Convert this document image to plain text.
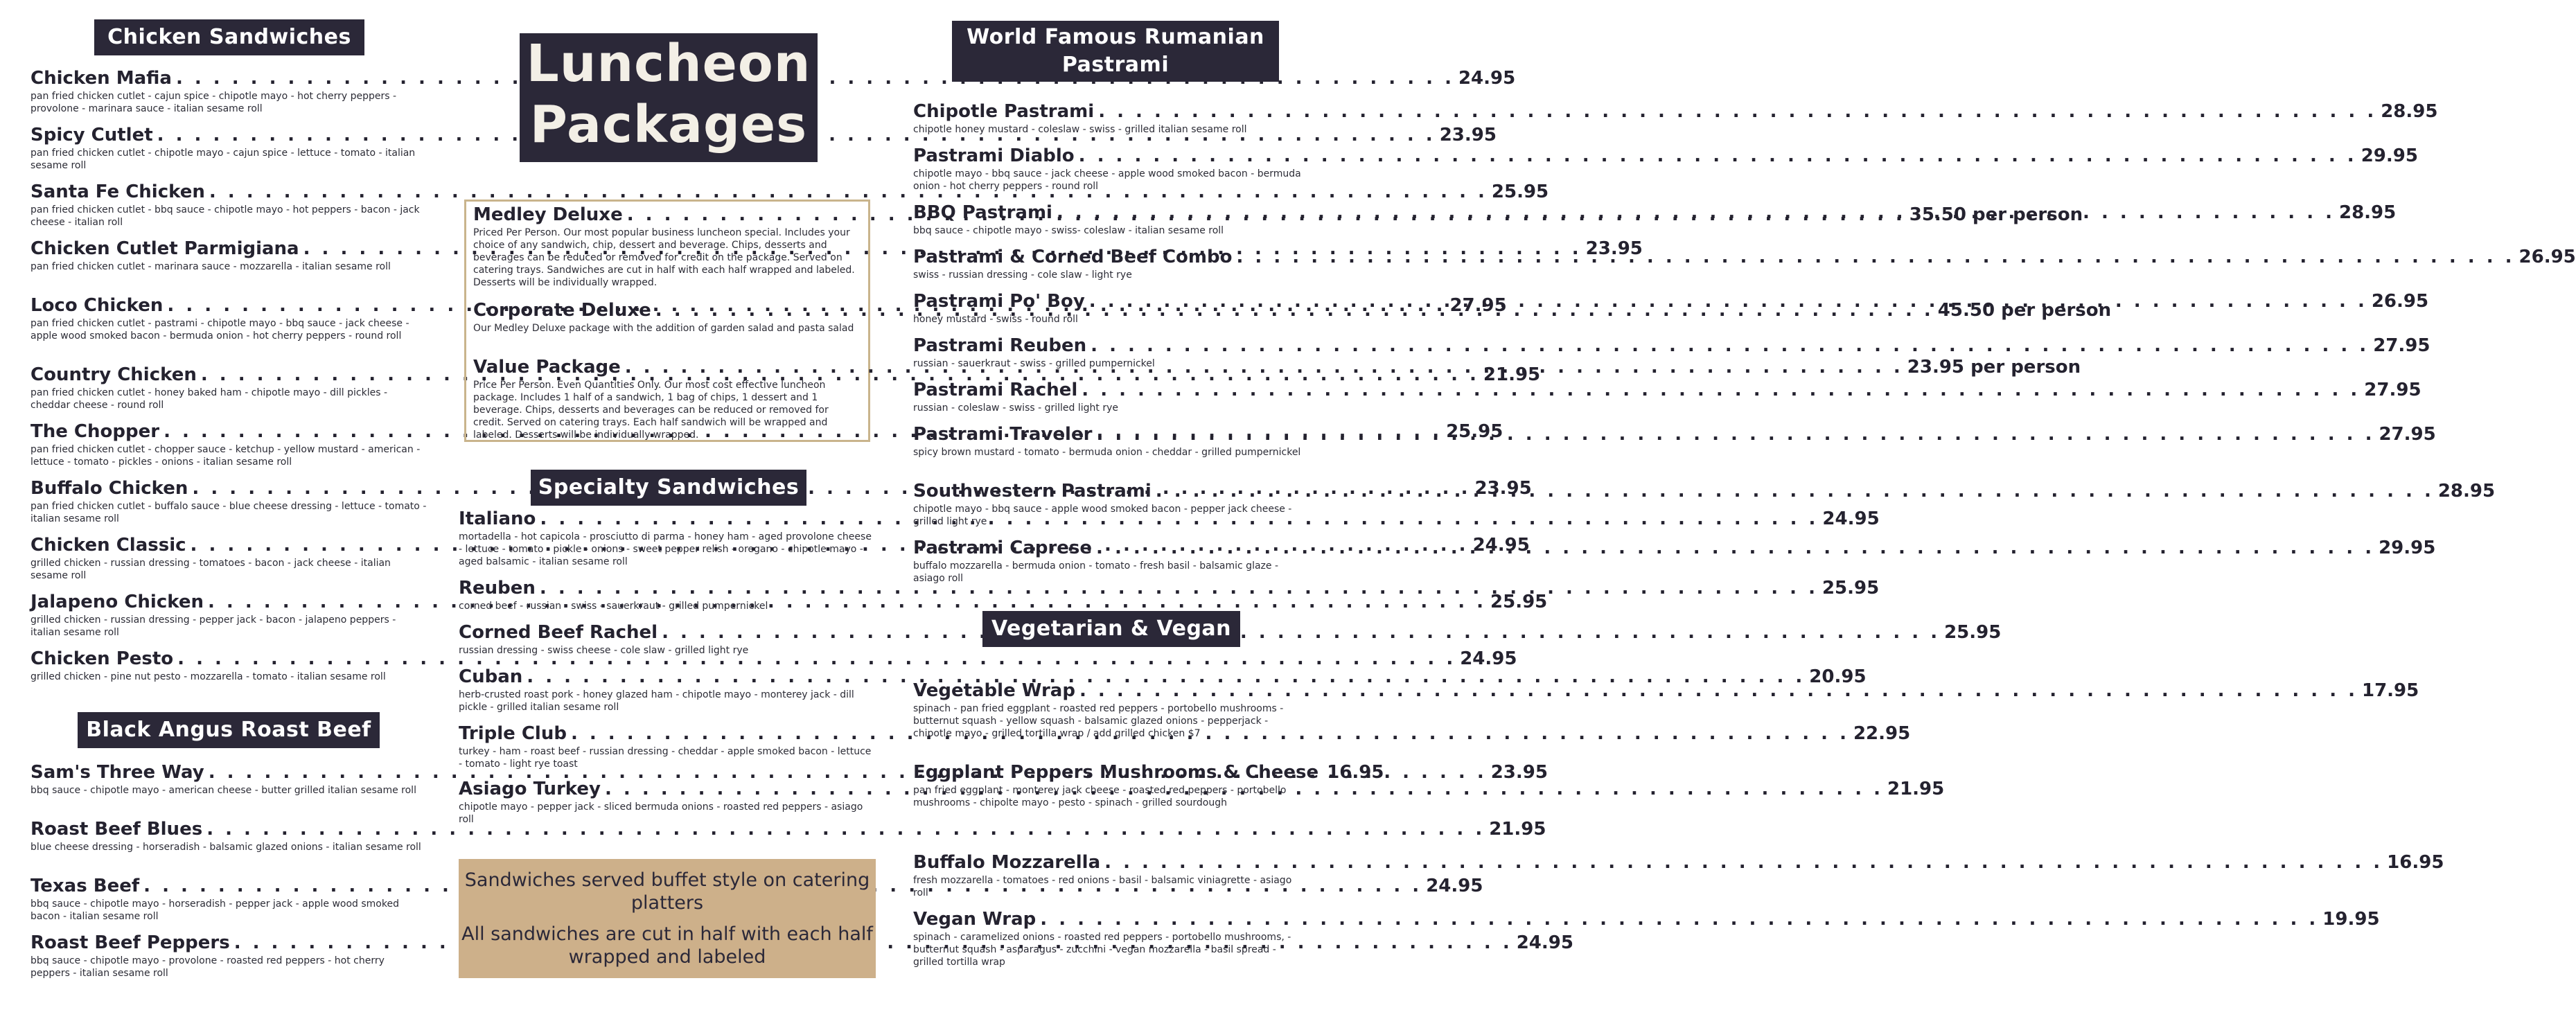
Chicken Sandwiches
Chicken Mafia . . .	24.95
pan fried chicken cutlet - cajun spice - chipotle mayo - hot cherry peppers - provolone - marinara sauce - italian sesame roll
Spicy Cutlet . . .	23.95
pan fried chicken cutlet - chipotle mayo - cajun spice - lettuce - tomato - italian sesame roll
Santa Fe Chicken . . .	25.95
pan fried chicken cutlet - bbq sauce - chipotle mayo - hot peppers - bacon - jack cheese - italian roll
Chicken Cutlet Parmigiana . . .	23.95
pan fried chicken cutlet - marinara sauce - mozzarella - italian sesame roll
Loco Chicken . . .	27.95
pan fried chicken cutlet - pastrami - chipotle mayo - bbq sauce - jack cheese - apple wood smoked bacon - bermuda onion - hot cherry peppers - round roll
Country Chicken . . .	21.95
pan fried chicken cutlet - honey baked ham - chipotle mayo - dill pickles - cheddar cheese - round roll
The Chopper . . .	25.95
pan fried chicken cutlet - chopper sauce - ketchup - yellow mustard - american - lettuce - tomato - pickles - onions - italian sesame roll
Buffalo Chicken . . .	23.95
pan fried chicken cutlet - buffalo sauce - blue cheese dressing - lettuce - tomato - italian sesame roll
Chicken Classic . . .	24.95
grilled chicken - russian dressing - tomatoes - bacon - jack cheese - italian sesame roll
Jalapeno Chicken . . .	25.95
grilled chicken - russian dressing - pepper jack - bacon - jalapeno peppers - italian sesame roll
Chicken Pesto . . .	24.95
grilled chicken - pine nut pesto - mozzarella - tomato - italian sesame roll
Black Angus Roast Beef
Sam's Three Way . . .	23.95
bbq sauce - chipotle mayo - american cheese - butter grilled italian sesame roll
Roast Beef Blues . . .	21.95
blue cheese dressing - horseradish - balsamic glazed onions - italian sesame roll
Texas Beef . . .	24.95
bbq sauce - chipotle mayo - horseradish - pepper jack - apple wood smoked bacon - italian sesame roll
Roast Beef Peppers . . .	24.95
bbq sauce - chipotle mayo - provolone - roasted red peppers - hot cherry peppers - italian sesame roll
Luncheon
Packages
Medley Deluxe . . .	35.50 per person
Priced Per Person. Our most popular business luncheon special. Includes your choice of any sandwich, chip, dessert and beverage. Chips, desserts and beverages can be reduced or removed for credit on the package. Served on catering trays. Sandwiches are cut in half with each half wrapped and labeled. Desserts will be individually wrapped.
Corporate Deluxe . . .	45.50 per person
Our Medley Deluxe package with the addition of garden salad and pasta salad
Value Package . . .	23.95 per person
Price Per Person. Even Quantities Only. Our most cost effective luncheon package. Includes 1 half of a sandwich, 1 bag of chips, 1 dessert and 1 beverage. Chips, desserts and beverages can be reduced or removed for credit. Served on catering trays. Each half sandwich will be wrapped and labeled. Desserts will be individually wrapped.
Specialty Sandwiches
Italiano . . .	24.95
mortadella - hot capicola - prosciutto di parma - honey ham - aged provolone cheese - lettuce - tomato - pickle - onions - sweet pepper relish - oregano - chipotle mayo - aged balsamic - italian sesame roll
Reuben . . .	25.95
corned beef - russian - swiss - sauerkraut - grilled pumpernickel
Corned Beef Rachel . . .	25.95
russian dressing - swiss cheese - cole slaw - grilled light rye
Cuban . . .	20.95
herb-crusted roast pork - honey glazed ham - chipotle mayo - monterey jack - dill pickle - grilled italian sesame roll
Triple Club . . .	22.95
turkey - ham - roast beef - russian dressing - cheddar - apple smoked bacon - lettuce - tomato - light rye toast
Asiago Turkey . . .	21.95
chipotle mayo - pepper jack - sliced bermuda onions - roasted red peppers - asiago roll
Sandwiches served buffet style on catering platters
All sandwiches are cut in half with each half wrapped and labeled
World Famous Rumanian
Pastrami
Chipotle Pastrami . . .	28.95
chipotle honey mustard - coleslaw - swiss - grilled italian sesame roll
Pastrami Diablo . . .	29.95
chipotle mayo - bbq sauce - jack cheese - apple wood smoked bacon - bermuda onion - hot cherry peppers - round roll
BBQ Pastrami . . .	28.95
bbq sauce - chipotle mayo - swiss- coleslaw - italian sesame roll
Pastrami & Corned Beef Combo . . .	26.95
swiss - russian dressing - cole slaw - light rye
Pastrami Po' Boy . . .	26.95
honey mustard - swiss - round roll
Pastrami Reuben . . .	27.95
russian - sauerkraut - swiss - grilled pumpernickel
Pastrami Rachel . . .	27.95
russian - coleslaw - swiss - grilled light rye
Pastrami Traveler . . .	27.95
spicy brown mustard - tomato - bermuda onion - cheddar - grilled pumpernickel
Southwestern Pastrami . . .	28.95
chipotle mayo - bbq sauce - apple wood smoked bacon - pepper jack cheese - grilled light rye
Pastrami Caprese . . .	29.95
buffalo mozzarella - bermuda onion - tomato - fresh basil - balsamic glaze - asiago roll
Vegetarian & Vegan
Vegetable Wrap . . .	17.95
spinach - pan fried eggplant - roasted red peppers - portobello mushrooms - butternut squash - yellow squash - balsamic glazed onions - pepperjack - chipotle mayo - grilled tortilla wrap / add grilled chicken $7
Eggplant Peppers Mushrooms & Cheese 16.95
pan fried eggplant - monterey jack cheese - roasted red peppers - portobello mushrooms - chipolte mayo - pesto - spinach - grilled sourdough
Buffalo Mozzarella . . .	16.95
fresh mozzarella - tomatoes - red onions - basil - balsamic viniagrette - asiago roll
Vegan Wrap . . .	19.95
spinach - caramelized onions - roasted red peppers - portobello mushrooms, - butternut squash - asparagus - zucchini - vegan mozzarella - basil spread - grilled tortilla wrap
